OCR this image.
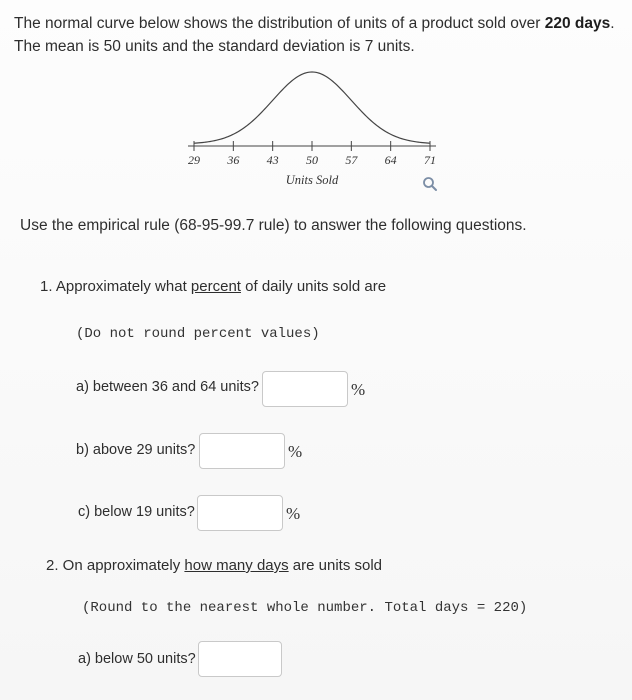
The normal curve below shows the distribution of units of a product sold over 220 days.
The mean is 50 units and the standard deviation is 7 units.
29 36 43 50 57 64 71
Units Sold
Use the empirical rule (68-95-99.7 rule) to answer the following questions.
1. Approximately what percent of daily units sold are
(Do not round percent values)
a) between 36 and 64 units?	%
b) above 29 units?	%
c) below 19 units?	%
2. On approximately how many days are units sold
(Round to the nearest whole number. Total days = 220)
a) below 50 units?
